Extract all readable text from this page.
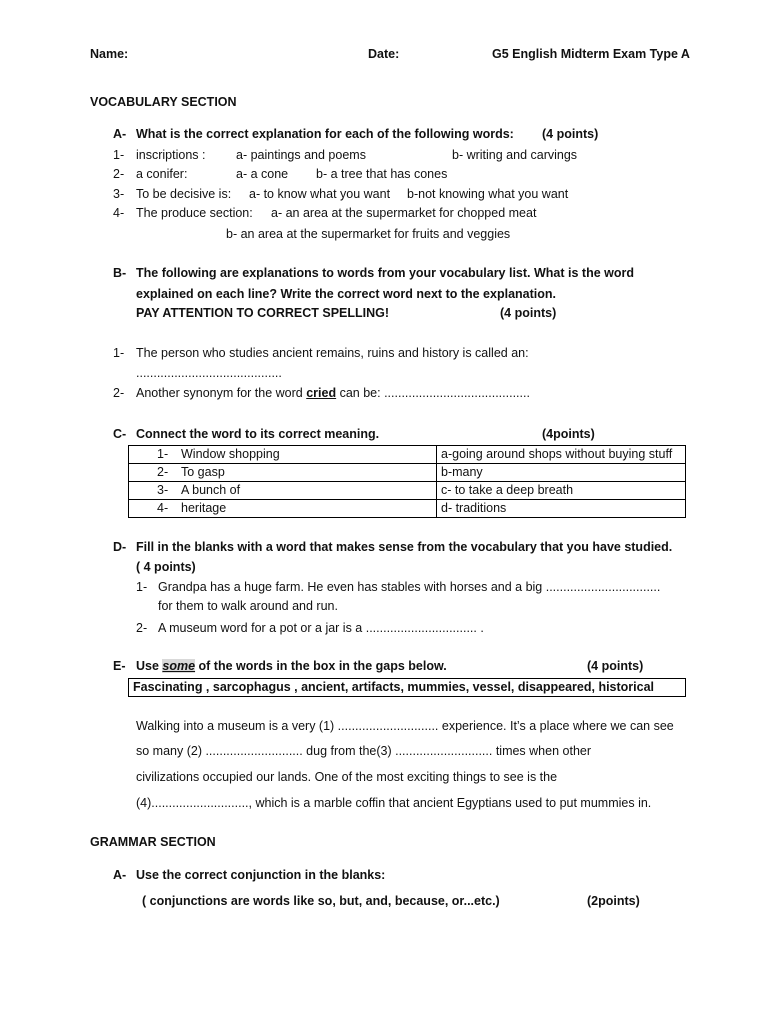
Name:	Date:	G5 English Midterm Exam Type A
VOCABULARY SECTION
A- What is the correct explanation for each of the following words: (4 points)
1- inscriptions : a- paintings and poems	b- writing and carvings
2- a conifer:	a- a cone b- a tree that has cones
3- To be decisive is: a- to know what you want b-not knowing what you want
4- The produce section: a- an area at the supermarket for chopped meat
b- an area at the supermarket for fruits and veggies
B- The following are explanations to words from your vocabulary list. What is the word
explained on each line? Write the correct word next to the explanation.
PAY ATTENTION TO CORRECT SPELLING!	(4 points)
1- The person who studies ancient remains, ruins and history is called an:
..........................................
2- Another synonym for the word cried can be: ..........................................
C- Connect the word to its correct meaning.	(4points)
1- Window shopping	a-going around shops without buying stuff
2- To gasp	b-many
3- A bunch of	c- to take a deep breath
4- heritage	d- traditions
D- Fill in the blanks with a word that makes sense from the vocabulary that you have studied.
( 4 points)
1- Grandpa has a huge farm. He even has stables with horses and a big .................................
for them to walk around and run.
2- A museum word for a pot or a jar is a ................................ .
E- Use some of the words in the box in the gaps below.	(4 points)
Fascinating , sarcophagus , ancient, artifacts, mummies, vessel, disappeared, historical
Walking into a museum is a very (1) ............................. experience. It’s a place where we can see
so many (2) ............................ dug from the(3) ............................ times when other
civilizations occupied our lands. One of the most exciting things to see is the
(4)............................, which is a marble coffin that ancient Egyptians used to put mummies in.
GRAMMAR SECTION
A- Use the correct conjunction in the blanks:
( conjunctions are words like so, but, and, because, or...etc.)	(2points)
